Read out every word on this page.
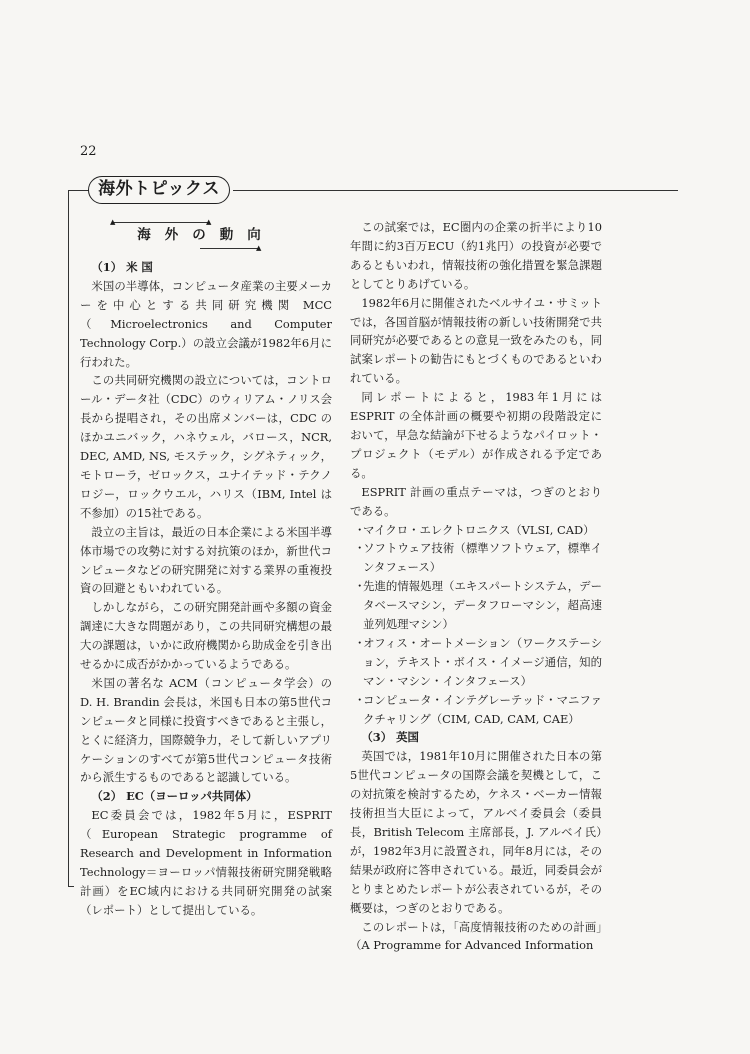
22
海外トピックス
▲	▲
海外の動向
▲

（1） 米 国

米国の半導体，コンピュータ産業の主要メーカーを中心とする共同研究機関 MCC（Microelectronics and Computer Technology Corp.）の設立会議が1982年6月に行われた。

この共同研究機関の設立については，コントロール・データ社（CDC）のウィリアム・ノリス会長から提唱され，その出席メンバーは，CDC のほかユニバック，ハネウェル，バロース，NCR, DEC, AMD, NS, モステック，シグネティック，モトローラ，ゼロックス，ユナイテッド・テクノロジー，ロックウエル，ハリス（IBM, Intel は不参加）の15社である。

設立の主旨は，最近の日本企業による米国半導体市場での攻勢に対する対抗策のほか，新世代コンピュータなどの研究開発に対する業界の重複投資の回避ともいわれている。

しかしながら，この研究開発計画や多額の資金調達に大きな問題があり，この共同研究構想の最大の課題は，いかに政府機関から助成金を引き出せるかに成否がかかっているようである。

米国の著名な ACM（コンピュータ学会）の D. H. Brandin 会長は，米国も日本の第5世代コンピュータと同様に投資すべきであると主張し，とくに経済力，国際競争力，そして新しいアプリケーションのすべてが第5世代コンピュータ技術から派生するものであると認識している。

（2） EC（ヨーロッパ共同体）

EC委員会では，1982年5月に，ESPRIT（European Strategic programme of Research and Development in Information Technology＝ヨーロッパ情報技術研究開発戦略計画）をEC域内における共同研究開発の試案（レポート）として提出している。

この試案では，EC圏内の企業の折半により10年間に約3百万ECU（約1兆円）の投資が必要であるともいわれ，情報技術の強化措置を緊急課題としてとりあげている。

1982年6月に開催されたベルサイユ・サミットでは，各国首脳が情報技術の新しい技術開発で共同研究が必要であるとの意見一致をみたのも，同試案レポートの勧告にもとづくものであるといわれている。

同レポートによると，1983年1月には ESPRIT の全体計画の概要や初期の段階設定において，早急な結論が下せるようなパイロット・プロジェクト（モデル）が作成される予定である。

ESPRIT 計画の重点テーマは，つぎのとおりである。

・マイクロ・エレクトロニクス（VLSI, CAD）
・ソフトウェア技術（標準ソフトウェア，標準インタフェース）
・先進的情報処理（エキスパートシステム，データベースマシン，データフローマシン，超高速並列処理マシン）
・オフィス・オートメーション（ワークステーション，テキスト・ボイス・イメージ通信，知的マン・マシン・インタフェース）
・コンピュータ・インテグレーテッド・マニファクチャリング（CIM, CAD, CAM, CAE）

（3） 英国

英国では，1981年10月に開催された日本の第5世代コンピュータの国際会議を契機として，この対抗策を検討するため，ケネス・ベーカー情報技術担当大臣によって，アルベイ委員会（委員長，British Telecom 主席部長，J. アルベイ氏）が，1982年3月に設置され，同年8月には，その結果が政府に答申されている。最近，同委員会がとりまとめたレポートが公表されているが，その概要は，つぎのとおりである。

このレポートは，「高度情報技術のための計画」（A Programme for Advanced Information
